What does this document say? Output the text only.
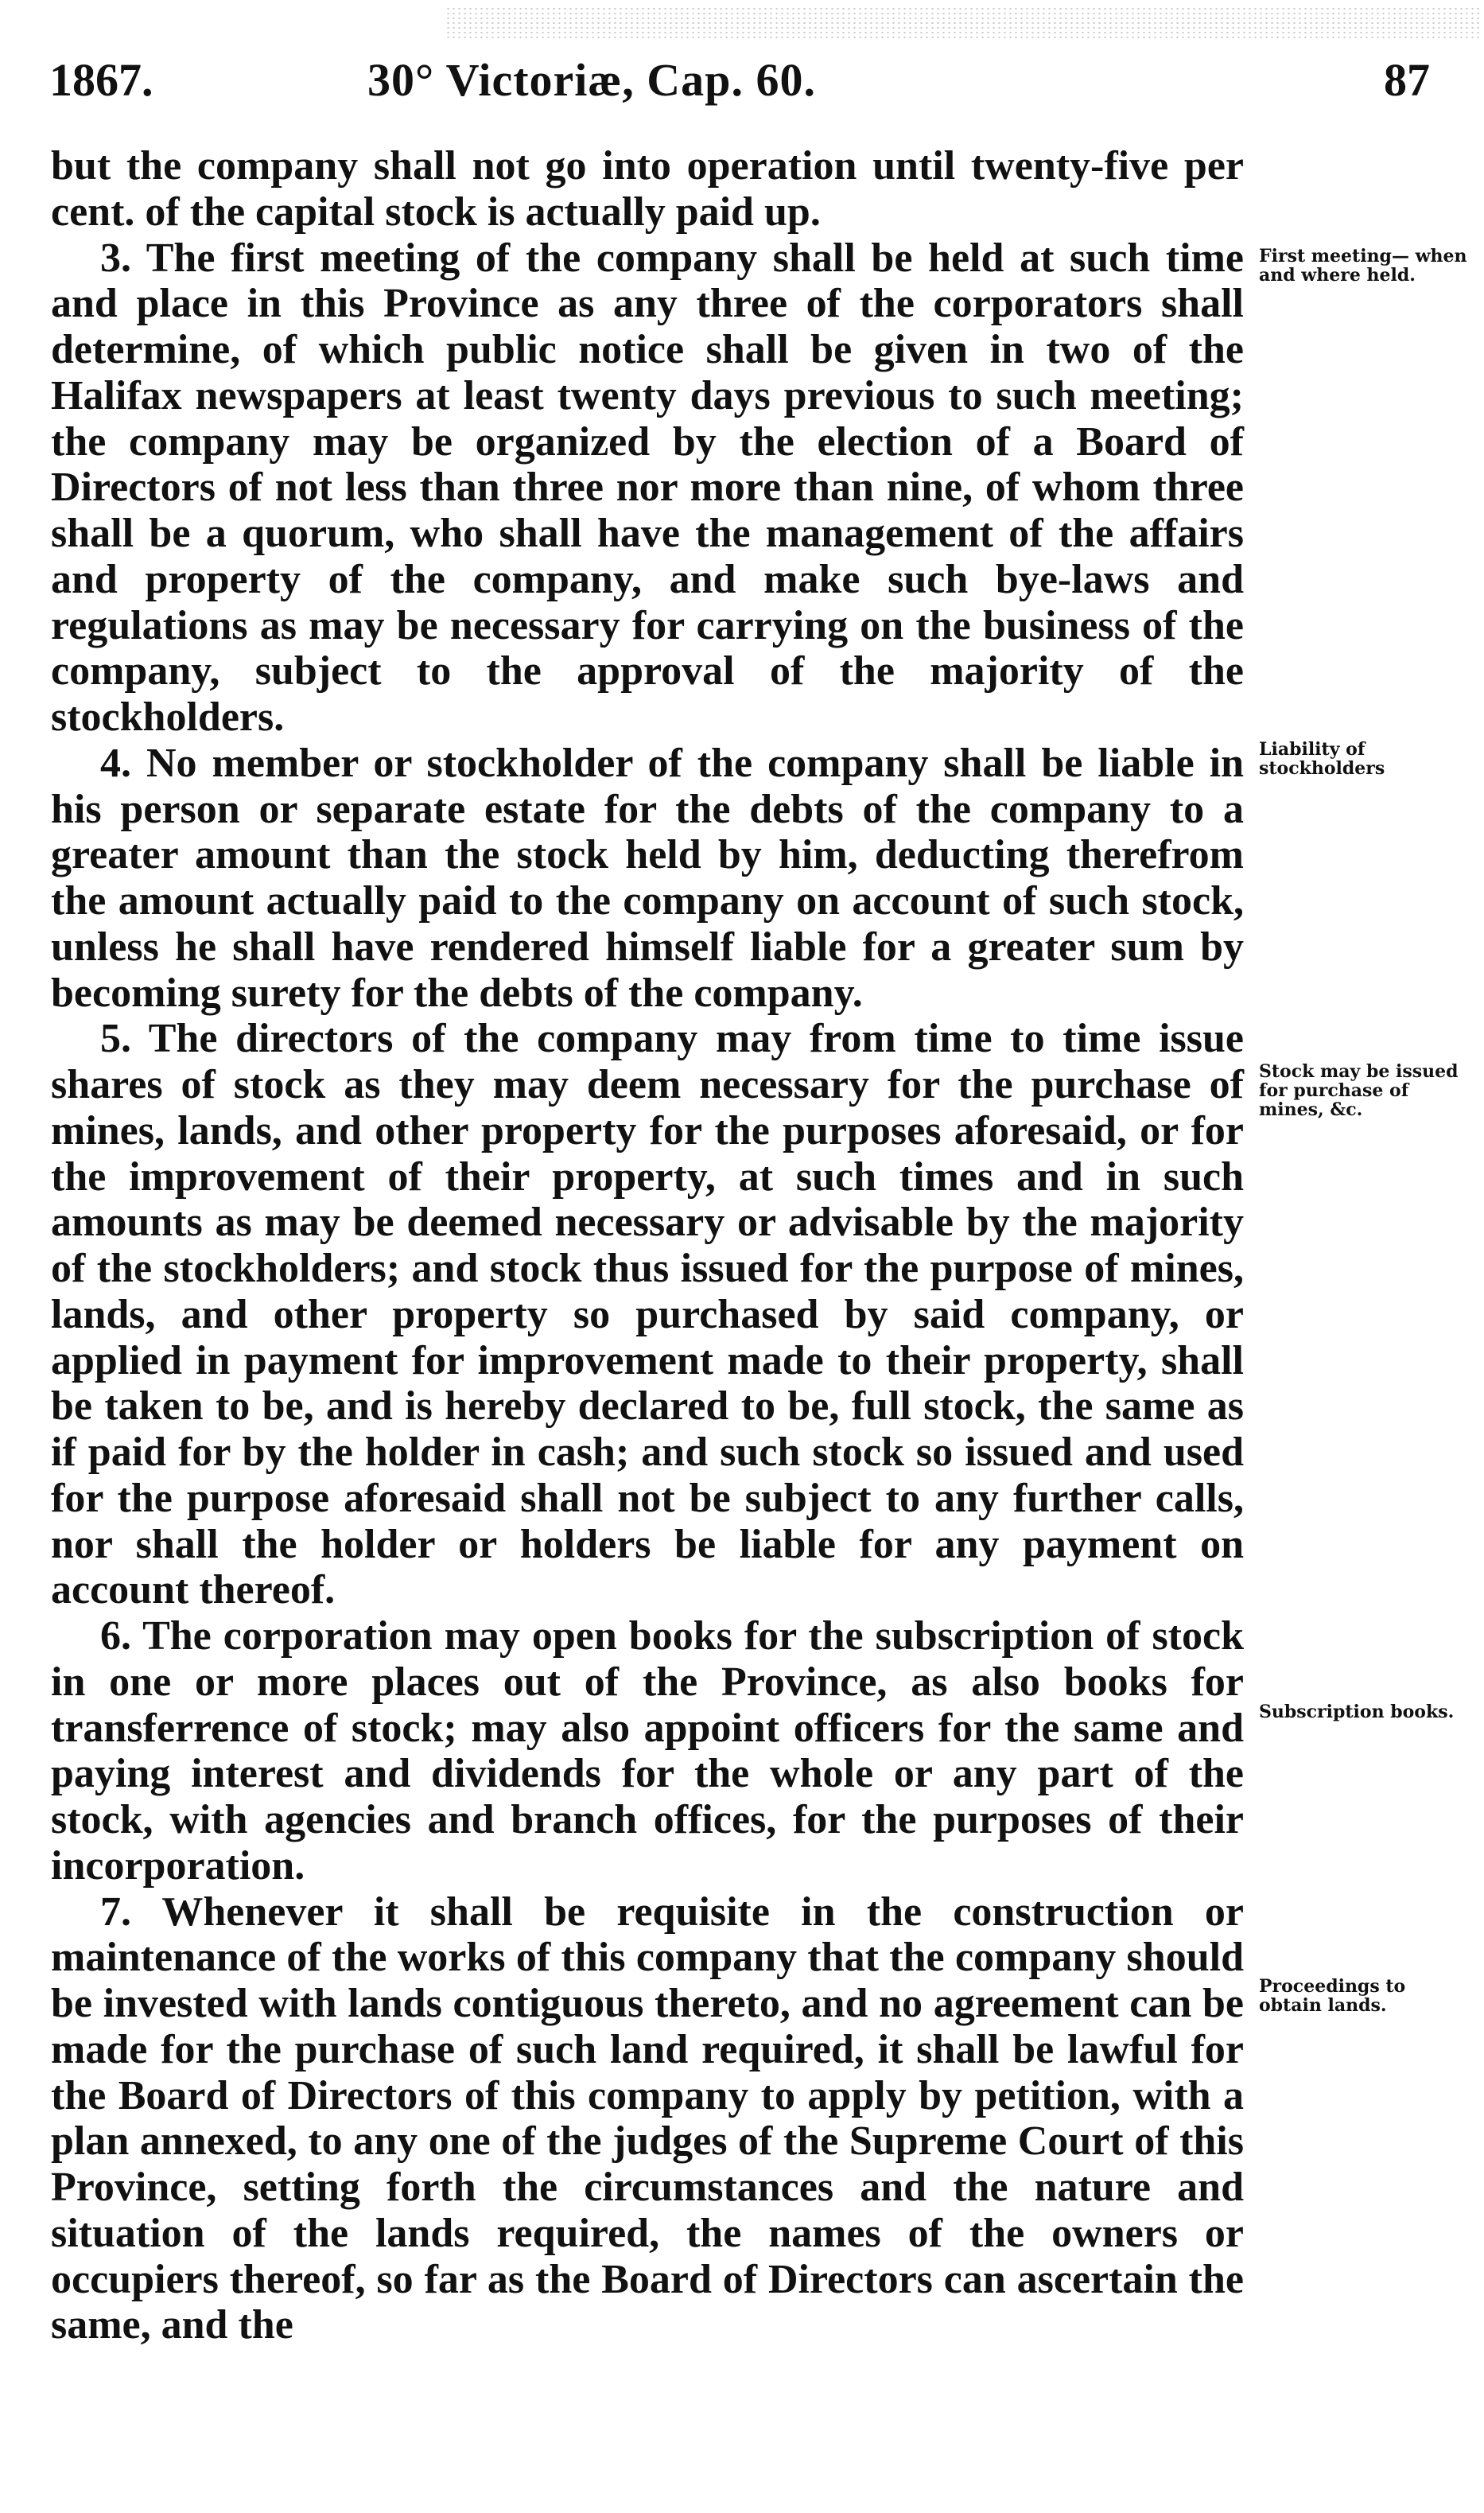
1867.	30° Victoriæ, Cap. 60.	87

but the company shall not go into operation until twenty-five per cent. of the capital stock is actually paid up.

3. The first meeting of the company shall be held at such time and place in this Province as any three of the corporators shall determine, of which public notice shall be given in two of the Halifax newspapers at least twenty days previous to such meeting; the company may be organized by the election of a Board of Directors of not less than three nor more than nine, of whom three shall be a quorum, who shall have the management of the affairs and property of the company, and make such bye-laws and regulations as may be necessary for carrying on the business of the company, subject to the approval of the majority of the stockholders.

4. No member or stockholder of the company shall be liable in his person or separate estate for the debts of the company to a greater amount than the stock held by him, deducting therefrom the amount actually paid to the company on account of such stock, unless he shall have rendered himself liable for a greater sum by becoming surety for the debts of the company.

5. The directors of the company may from time to time issue shares of stock as they may deem necessary for the purchase of mines, lands, and other property for the purposes aforesaid, or for the improvement of their property, at such times and in such amounts as may be deemed necessary or advisable by the majority of the stockholders; and stock thus issued for the purpose of mines, lands, and other property so purchased by said company, or applied in payment for improvement made to their property, shall be taken to be, and is hereby declared to be, full stock, the same as if paid for by the holder in cash; and such stock so issued and used for the purpose aforesaid shall not be subject to any further calls, nor shall the holder or holders be liable for any payment on account thereof.

6. The corporation may open books for the subscription of stock in one or more places out of the Province, as also books for transferrence of stock; may also appoint officers for the same and paying interest and dividends for the whole or any part of the stock, with agencies and branch offices, for the purposes of their incorporation.

7. Whenever it shall be requisite in the construction or maintenance of the works of this company that the company should be invested with lands contiguous thereto, and no agreement can be made for the purchase of such land required, it shall be lawful for the Board of Directors of this company to apply by petition, with a plan annexed, to any one of the judges of the Supreme Court of this Province, setting forth the circumstances and the nature and situation of the lands required, the names of the owners or occupiers thereof, so far as the Board of Directors can ascertain the same, and the

First meeting— when and where held.
Liability of stockholders
Stock may be issued for purchase of mines, &c.
Subscription books.
Proceedings to obtain lands.
